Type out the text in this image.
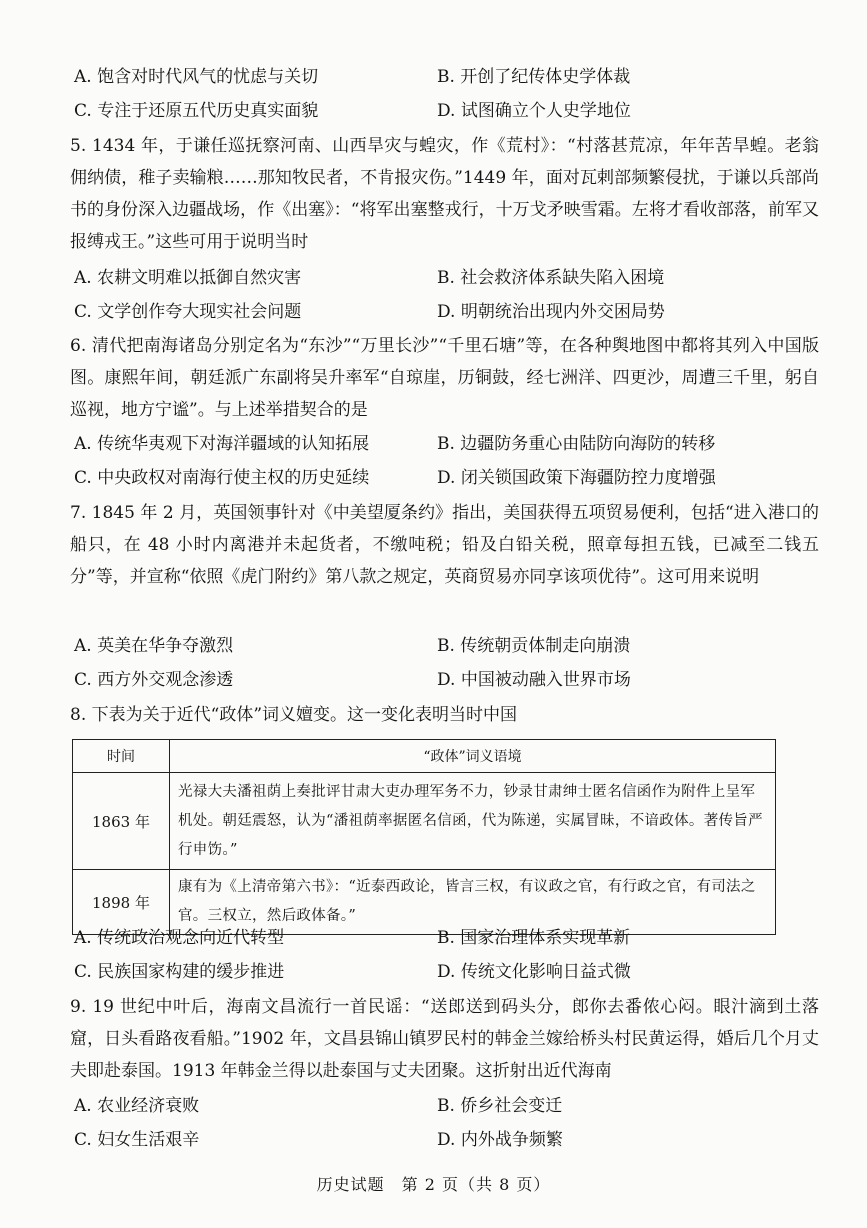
A. 饱含对时代风气的忧虑与关切	B. 开创了纪传体史学体裁
C. 专注于还原五代历史真实面貌	D. 试图确立个人史学地位
5. 1434 年，于谦任巡抚察河南、山西旱灾与蝗灾，作《荒村》：“村落甚荒凉，年年苦旱蝗。老翁佣纳债，稚子卖输粮……那知牧民者，不肯报灾伤。”1449 年，面对瓦剌部频繁侵扰，于谦以兵部尚书的身份深入边疆战场，作《出塞》：“将军出塞整戎行，十万戈矛映雪霜。左将才看收部落，前军又报缚戎王。”这些可用于说明当时
A. 农耕文明难以抵御自然灾害	B. 社会救济体系缺失陷入困境
C. 文学创作夸大现实社会问题	D. 明朝统治出现内外交困局势
6. 清代把南海诸岛分别定名为“东沙”“万里长沙”“千里石塘”等，在各种舆地图中都将其列入中国版图。康熙年间，朝廷派广东副将吴升率军“自琼崖，历铜鼓，经七洲洋、四更沙，周遭三千里，躬自巡视，地方宁谧”。与上述举措契合的是
A. 传统华夷观下对海洋疆域的认知拓展	B. 边疆防务重心由陆防向海防的转移
C. 中央政权对南海行使主权的历史延续	D. 闭关锁国政策下海疆防控力度增强
7. 1845 年 2 月，英国领事针对《中美望厦条约》指出，美国获得五项贸易便利，包括“进入港口的船只，在 48 小时内离港并未起货者，不缴吨税；铅及白铅关税，照章每担五钱，已减至二钱五分”等，并宣称“依照《虎门附约》第八款之规定，英商贸易亦同享该项优待”。这可用来说明
A. 英美在华争夺激烈	B. 传统朝贡体制走向崩溃
C. 西方外交观念渗透	D. 中国被动融入世界市场
8. 下表为关于近代“政体”词义嬗变。这一变化表明当时中国
时间	“政体”词义语境
1863 年	光禄大夫潘祖荫上奏批评甘肃大吏办理军务不力，钞录甘肃绅士匿名信函作为附件上呈军机处。朝廷震怒，认为“潘祖荫率据匿名信函，代为陈递，实属冒昧，不谙政体。著传旨严行申饬。”
1898 年	康有为《上清帝第六书》：“近泰西政论，皆言三权，有议政之官，有行政之官，有司法之官。三权立，然后政体备。”
A. 传统政治观念向近代转型	B. 国家治理体系实现革新
C. 民族国家构建的缓步推进	D. 传统文化影响日益式微
9. 19 世纪中叶后，海南文昌流行一首民谣：“送郎送到码头分，郎你去番侬心闷。眼汁滴到土落窟，日头看路夜看船。”1902 年，文昌县锦山镇罗民村的韩金兰嫁给桥头村民黄运得，婚后几个月丈夫即赴泰国。1913 年韩金兰得以赴泰国与丈夫团聚。这折射出近代海南
A. 农业经济衰败	B. 侨乡社会变迁
C. 妇女生活艰辛	D. 内外战争频繁
历史试题　第 2 页（共 8 页）
